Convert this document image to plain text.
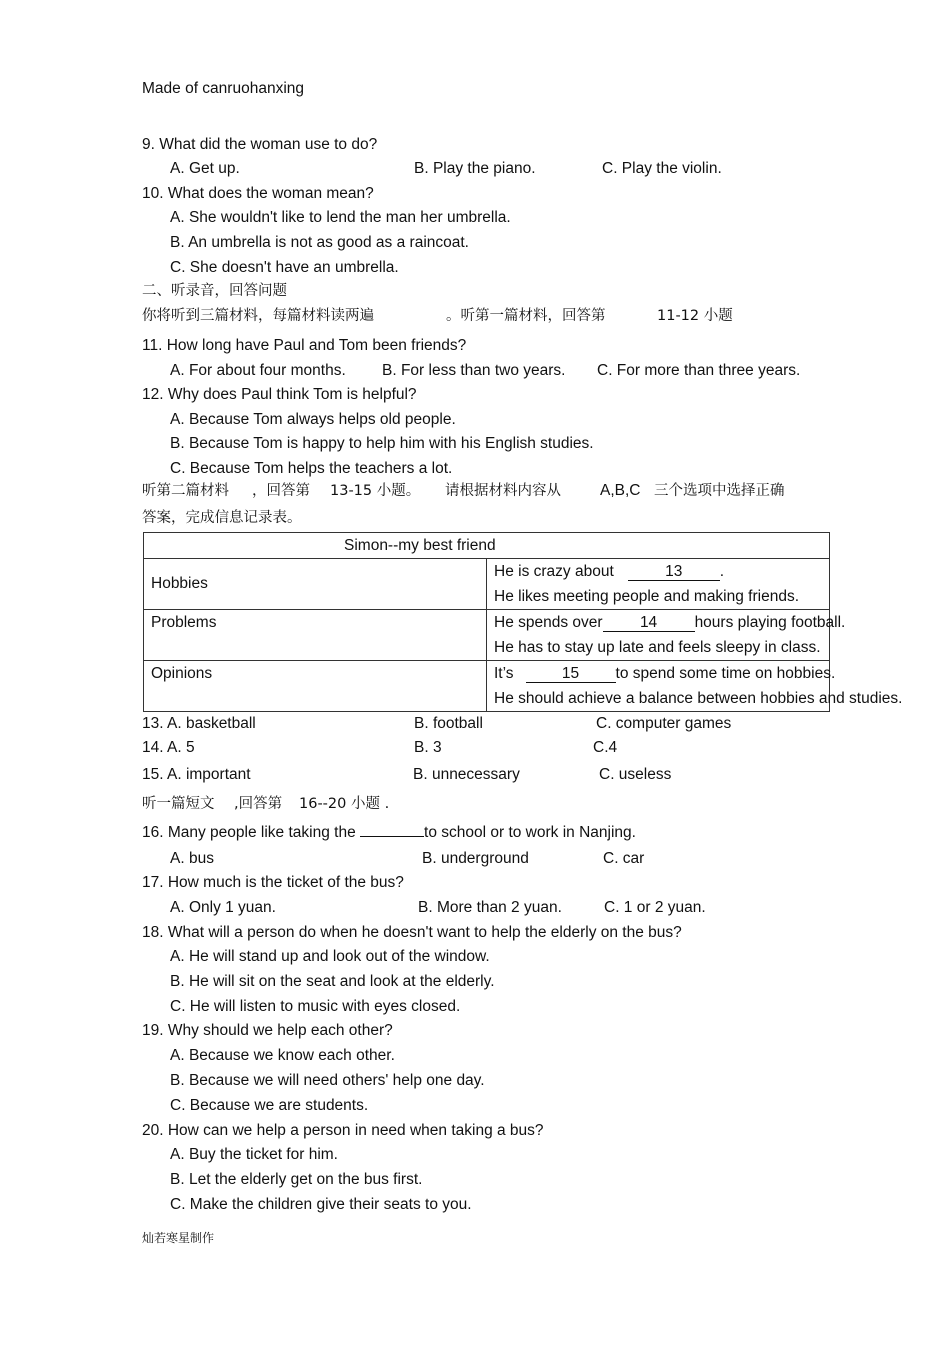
Made of canruohanxing
9. What did the woman use to do?
A. Get up.	B. Play the piano.	C. Play the violin.
10. What does the woman mean?
A. She wouldn't like to lend the man her umbrella.
B. An umbrella is not as good as a raincoat.
C. She doesn't have an umbrella.
二、听录音，回答问题
你将听到三篇材料，每篇材料读两遍	。听第一篇材料，回答第	11-12 小题
11. How long have Paul and Tom been friends?
A. For about four months. B. For less than two years. C. For more than three years.
12. Why does Paul think Tom is helpful?
A. Because Tom always helps old people.
B. Because Tom is happy to help him with his English studies.
C. Because Tom helps the teachers a lot.
听第二篇材料 ，回答第 13-15 小题。 请根据材料内容从	A,B,C 三个选项中选择正确
答案，完成信息记录表。
Simon--my best friend	
Hobbies	He is crazy about 13 .
He likes meeting people and making friends.

Problems	He spends over 14 hours playing football.
He has to stay up late and feels sleepy in class.

Opinions	It’s 15 to spend some time on hobbies.
He should achieve a balance between hobbies and studies.
13. A. basketball	B. football	C. computer games
14. A. 5	B. 3	C.4
15. A. important	B. unnecessary	C. useless
听一篇短文 ,回答第 16--20 小题 .
16. Many people like taking the	to school or to work in Nanjing.
A. bus	B. underground	C. car
17. How much is the ticket of the bus?
A. Only 1 yuan.	B. More than 2 yuan.	C. 1 or 2 yuan.
18. What will a person do when he doesn't want to help the elderly on the bus?
A. He will stand up and look out of the window.
B. He will sit on the seat and look at the elderly.
C. He will listen to music with eyes closed.
19. Why should we help each other?
A. Because we know each other.
B. Because we will need others' help one day.
C. Because we are students.
20. How can we help a person in need when taking a bus?
A. Buy the ticket for him.
B. Let the elderly get on the bus first.
C. Make the children give their seats to you.
灿若寒星制作
